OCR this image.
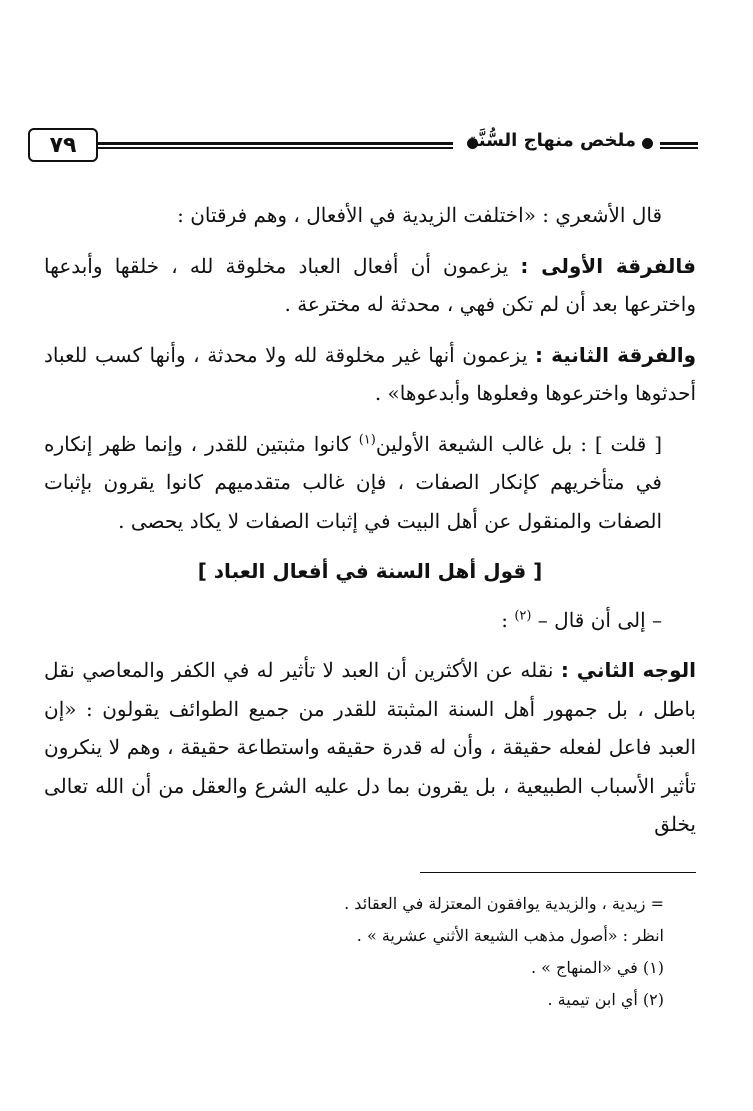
٧٩	ملخص منهاج السُّنَّة

قال الأشعري : «اختلفت الزيدية في الأفعال ، وهم فرقتان :

فالفرقة الأولى : يزعمون أن أفعال العباد مخلوقة لله ، خلقها وأبدعها واخترعها بعد أن لم تكن فهي ، محدثة له مخترعة .

والفرقة الثانية : يزعمون أنها غير مخلوقة لله ولا محدثة ، وأنها كسب للعباد أحدثوها واخترعوها وفعلوها وأبدعوها» .

[ قلت ] : بل غالب الشيعة الأولين$^{(١)}$ كانوا مثبتين للقدر ، وإنما ظهر إنكاره في متأخريهم كإنكار الصفات ، فإن غالب متقدميهم كانوا يقرون بإثبات الصفات والمنقول عن أهل البيت في إثبات الصفات لا يكاد يحصى .

[ قول أهل السنة في أفعال العباد ]

– إلى أن قال – $^{(٢)}$ :

الوجه الثاني : نقله عن الأكثرين أن العبد لا تأثير له في الكفر والمعاصي نقل باطل ، بل جمهور أهل السنة المثبتة للقدر من جميع الطوائف يقولون : «إن العبد فاعل لفعله حقيقة ، وأن له قدرة حقيقه واستطاعة حقيقة ، وهم لا ينكرون تأثير الأسباب الطبيعية ، بل يقرون بما دل عليه الشرع والعقل من أن الله تعالى يخلق

= زيدية ، والزيدية يوافقون المعتزلة في العقائد .
انظر : «أصول مذهب الشيعة الأثني عشرية » .
(١) في «المنهاج » .
(٢) أي ابن تيمية .
